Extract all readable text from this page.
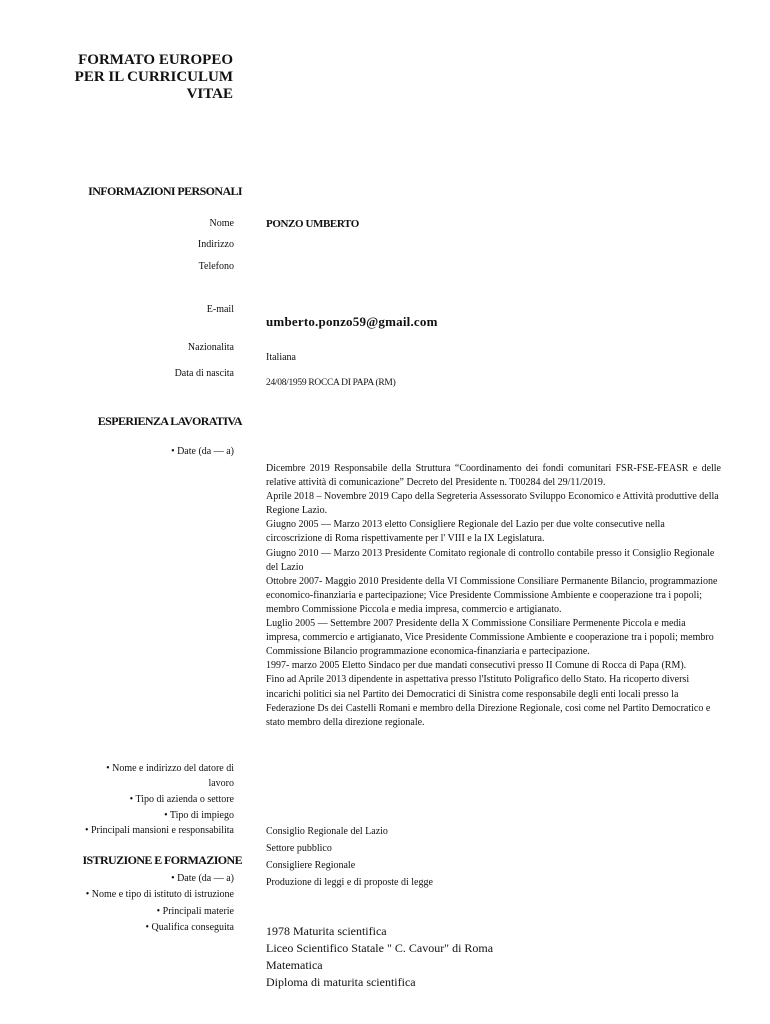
FORMATO EUROPEO
PER IL CURRICULUM
VITAE
INFORMAZIONI PERSONALI
Nome
Indirizzo
Telefono
E-mail
Nazionalita
Data di nascita
PONZO UMBERTO
umberto.ponzo59@gmail.com
Italiana
24/08/1959 ROCCA DI PAPA (RM)
ESPERIENZA LAVORATIVA
• Date (da — a)

Dicembre 2019 Responsabile della Struttura “Coordinamento dei fondi comunitari FSR-FSE-FEASR e delle relative attività di comunicazione” Decreto del Presidente n. T00284 del 29/11/2019.

Aprile 2018 – Novembre 2019 Capo della Segreteria Assessorato Sviluppo Economico e Attività produttive della Regione Lazio.

Giugno 2005 — Marzo 2013 eletto Consigliere Regionale del Lazio per due volte consecutive nella circoscrizione di Roma rispettivamente per l' VIII e la IX Legislatura.

Giugno 2010 — Marzo 2013 Presidente Comitato regionale di controllo contabile presso it Consiglio Regionale del Lazio

Ottobre 2007- Maggio 2010 Presidente della VI Commissione Consiliare Permanente Bilancio, programmazione economico-finanziaria e partecipazione; Vice Presidente Commissione Ambiente e cooperazione tra i popoli; membro Commissione Piccola e media impresa, commercio e artigianato.

Luglio 2005 — Settembre 2007 Presidente della X Commissione Consiliare Permenente Piccola e media impresa, commercio e artigianato, Vice Presidente Commissione Ambiente e cooperazione tra i popoli; membro Commissione Bilancio programmazione economica-finanziaria e partecipazione.

1997- marzo 2005 Eletto Sindaco per due mandati consecutivi presso II Comune di Rocca di Papa (RM).

Fino ad Aprile 2013 dipendente in aspettativa presso l'Istituto Poligrafico dello Stato. Ha ricoperto diversi incarichi politici sia nel Partito dei Democratici di Sinistra come responsabile degli enti locali presso la Federazione Ds dei Castelli Romani e membro della Direzione Regionale, cosi come nel Partito Democratico e stato membro della direzione regionale.

• Nome e indirizzo del datore di
lavoro
• Tipo di azienda o settore
• Tipo di impiego
• Principali mansioni e responsabilita	Consiglio Regionale del Lazio
Settore pubblico
Consigliere Regionale
Produzione di leggi e di proposte di legge
ISTRUZIONE E FORMAZIONE
• Date (da — a)
• Nome e tipo di istituto di istruzione
• Principali materie
• Qualifica conseguita	1978 Maturita scientifica
Liceo Scientifico Statale " C. Cavour" di Roma
Matematica
Diploma di maturita scientifica
